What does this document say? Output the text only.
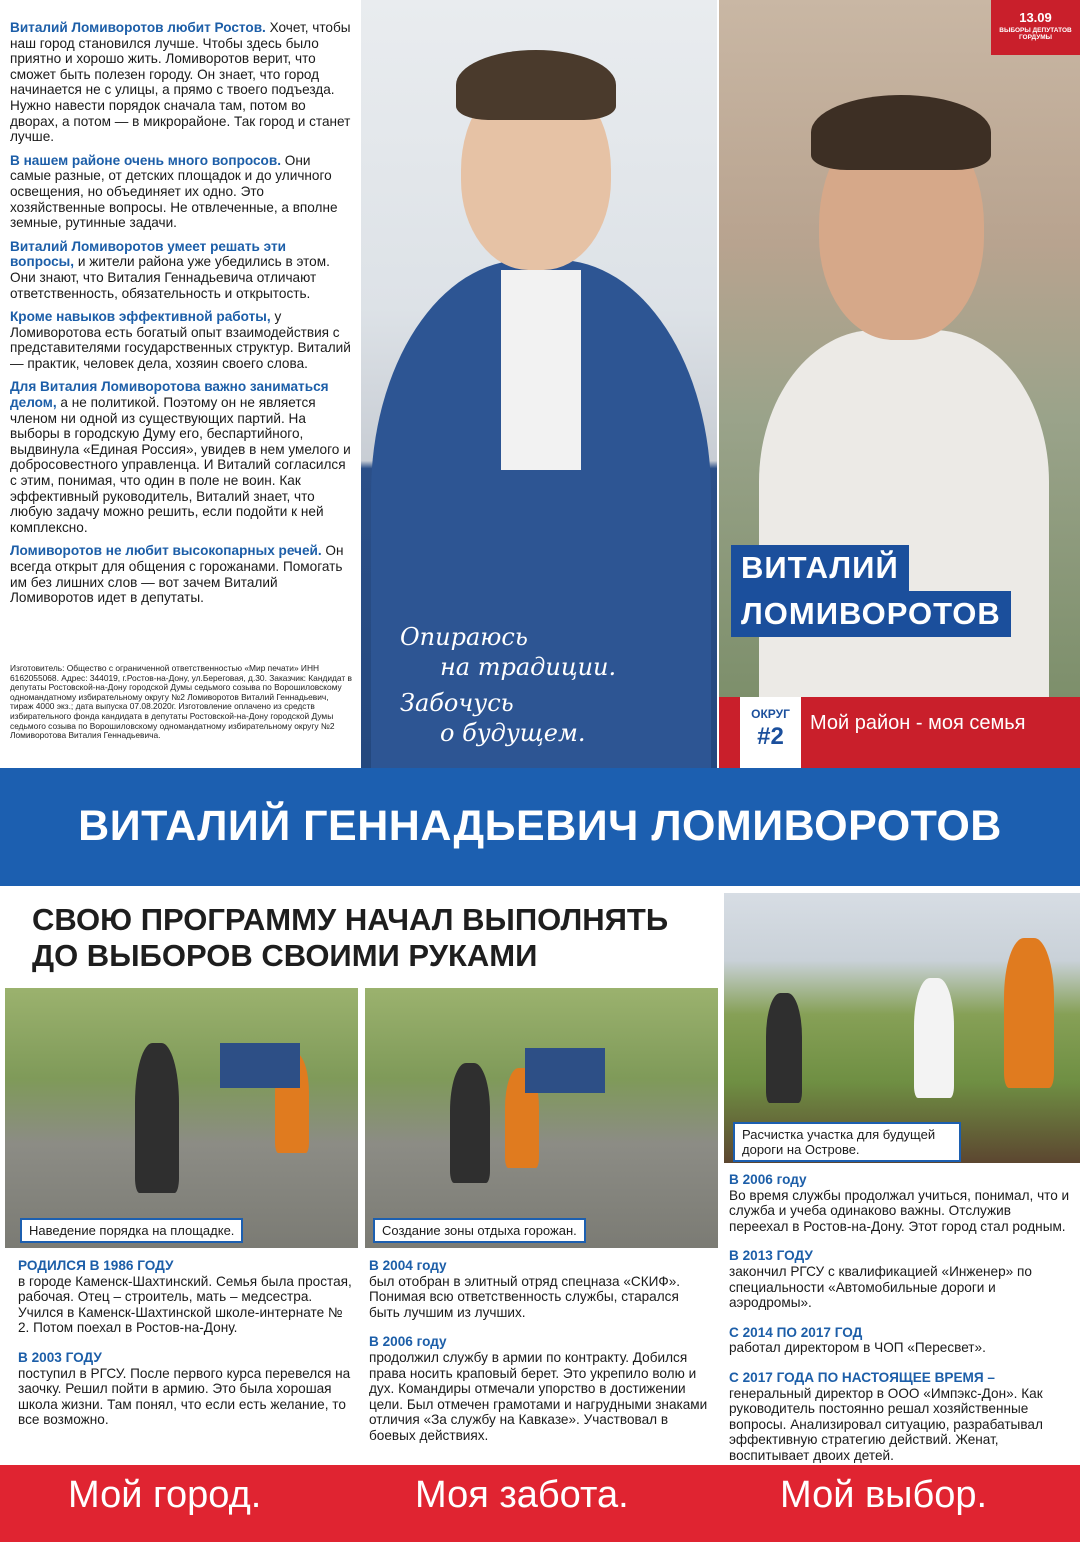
Виталий Ломиворотов любит Ростов. Хочет, чтобы наш город становился лучше. Чтобы здесь было приятно и хорошо жить. Ломиворотов верит, что сможет быть полезен городу. Он знает, что город начинается не с улицы, а прямо с твоего подъезда. Нужно навести порядок сначала там, потом во дворах, а потом — в микрорайоне. Так город и станет лучше.

В нашем районе очень много вопросов. Они самые разные, от детских площадок и до уличного освещения, но объединяет их одно. Это хозяйственные вопросы. Не отвлеченные, а вполне земные, рутинные задачи.

Виталий Ломиворотов умеет решать эти вопросы, и жители района уже убедились в этом. Они знают, что Виталия Геннадьевича отличают ответственность, обязательность и открытость.

Кроме навыков эффективной работы, у Ломиворотова есть богатый опыт взаимодействия с представителями государственных структур. Виталий — практик, человек дела, хозяин своего слова.

Для Виталия Ломиворотова важно заниматься делом, а не политикой. Поэтому он не является членом ни одной из существующих партий. На выборы в городскую Думу его, беспартийного, выдвинула «Единая Россия», увидев в нем умелого и добросовестного управленца. И Виталий согласился с этим, понимая, что один в поле не воин. Как эффективный руководитель, Виталий знает, что любую задачу можно решить, если подойти к ней комплексно.

Ломиворотов не любит высокопарных речей. Он всегда открыт для общения с горожанами. Помогать им без лишних слов — вот зачем Виталий Ломиворотов идет в депутаты.

Изготовитель: Общество с ограниченной ответственностью «Мир печати» ИНН 6162055068. Адрес: 344019, г.Ростов-на-Дону, ул.Береговая, д.30. Заказчик: Кандидат в депутаты Ростовской-на-Дону городской Думы седьмого созыва по Ворошиловскому одномандатному избирательному округу №2 Ломиворотов Виталий Геннадьевич, тираж 4000 экз.; дата выпуска 07.08.2020г. Изготовление оплачено из средств избирательного фонда кандидата в депутаты Ростовской-на-Дону городской Думы седьмого созыва по Ворошиловскому одномандатному избирательному округу №2 Ломиворотова Виталия Геннадьевича.
Опираюсь
на традиции.
Забочусь
о будущем.
13.09
ВЫБОРЫ ДЕПУТАТОВ ГОРДУМЫ
ВИТАЛИЙ
ЛОМИВОРОТОВ
ОКРУГ
#2	Мой район - моя семья
ВИТАЛИЙ ГЕННАДЬЕВИЧ ЛОМИВОРОТОВ
СВОЮ ПРОГРАММУ НАЧАЛ ВЫПОЛНЯТЬ
ДО ВЫБОРОВ СВОИМИ РУКАМИ
Наведение порядка на площадке.	Создание зоны отдыха горожан.
Расчистка участка для будущей дороги на Острове.

РОДИЛСЯ В 1986 ГОДУ
в городе Каменск-Шахтинский. Семья была простая, рабочая. Отец – строитель, мать – медсестра. Учился в Каменск-Шахтинской школе-интернате № 2. Потом поехал в Ростов-на-Дону.

В 2003 ГОДУ
поступил в РГСУ. После первого курса перевелся на заочку. Решил пойти в армию. Это была хорошая школа жизни. Там понял, что если есть желание, то все возможно.

В 2004 году
был отобран в элитный отряд спецназа «СКИФ». Понимая всю ответственность службы, старался быть лучшим из лучших.

В 2006 году
продолжил службу в армии по контракту. Добился права носить краповый берет. Это укрепило волю и дух. Командиры отмечали упорство в достижении цели. Был отмечен грамотами и нагрудными знаками отличия «За службу на Кавказе». Участвовал в боевых действиях.

В 2006 году
Во время службы продолжал учиться, понимал, что и служба и учеба одинаково важны. Отслужив переехал в Ростов-на-Дону. Этот город стал родным.

В 2013 ГОДУ
закончил РГСУ с квалификацией «Инженер» по специальности «Автомобильные дороги и аэродромы».

С 2014 ПО 2017 ГОД
работал директором в ЧОП «Пересвет».

С 2017 ГОДА ПО НАСТОЯЩЕЕ ВРЕМЯ –
генеральный директор в ООО «Импэкс-Дон». Как руководитель постоянно решал хозяйственные вопросы. Анализировал ситуацию, разрабатывал эффективную стратегию действий. Женат, воспитывает двоих детей.

Мой город.	Моя забота.	Мой выбор.
